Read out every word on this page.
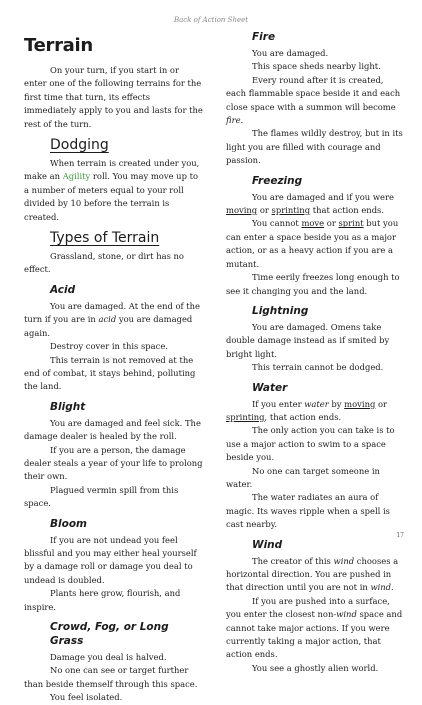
Back of Action Sheet
Terrain

On your turn, if you start in or enter one of the following terrains for the first time that turn, its effects immediately apply to you and lasts for the rest of the turn.

Dodging

When terrain is created under you, make an Agility roll. You may move up to a number of meters equal to your roll divided by 10 before the terrain is created.

Types of Terrain

Grassland, stone, or dirt has no effect.

Acid

You are damaged. At the end of the turn if you are in acid you are damaged again.

Destroy cover in this space.

This terrain is not removed at the end of combat, it stays behind, polluting the land.

Blight

You are damaged and feel sick. The damage dealer is healed by the roll.

If you are a person, the damage dealer steals a year of your life to prolong their own.

Plagued vermin spill from this space.

Bloom

If you are not undead you feel blissful and you may either heal yourself by a damage roll or damage you deal to undead is doubled.

Plants here grow, flourish, and inspire.

Crowd, Fog, or Long Grass

Damage you deal is halved.

No one can see or target further than beside themself through this space.

You feel isolated.

Fire

You are damaged.

This space sheds nearby light.

Every round after it is created, each flammable space beside it and each close space with a summon will become fire.

The flames wildly destroy, but in its light you are filled with courage and passion.

Freezing

You are damaged and if you were moving or sprinting that action ends.

You cannot move or sprint but you can enter a space beside you as a major action, or as a heavy action if you are a mutant.

Time eerily freezes long enough to see it changing you and the land.

Lightning

You are damaged. Omens take double damage instead as if smited by bright light.

This terrain cannot be dodged.

Water

If you enter water by moving or sprinting, that action ends.

The only action you can take is to use a major action to swim to a space beside you.

No one can target someone in water.

The water radiates an aura of magic. Its waves ripple when a spell is cast nearby.

Wind

The creator of this wind chooses a horizontal direction. You are pushed in that direction until you are not in wind.

If you are pushed into a surface, you enter the closest non-wind space and cannot take major actions. If you were currently taking a major action, that action ends.

You see a ghostly alien world.

17
